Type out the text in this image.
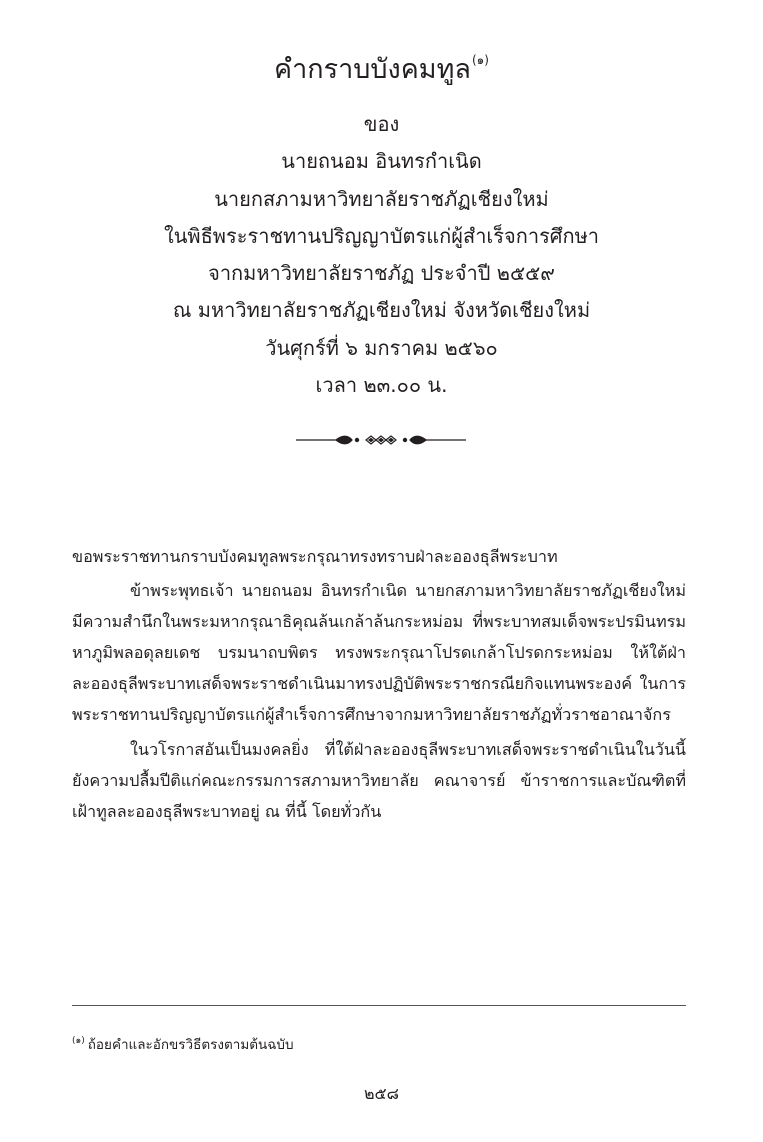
คำกราบบังคมทูล$^{(๑)}$
ของ
นายถนอม อินทรกำเนิด
นายกสภามหาวิทยาลัยราชภัฏเชียงใหม่
ในพิธีพระราชทานปริญญาบัตรแก่ผู้สำเร็จการศึกษา
จากมหาวิทยาลัยราชภัฏ ประจำปี ๒๕๕๙
ณ มหาวิทยาลัยราชภัฏเชียงใหม่ จังหวัดเชียงใหม่
วันศุกร์ที่ ๖ มกราคม ๒๕๖๐
เวลา ๒๓.๐๐ น.

ขอพระราชทานกราบบังคมทูลพระกรุณาทรงทราบฝ่าละอองธุลีพระบาท

ข้าพระพุทธเจ้า นายถนอม อินทรกำเนิด นายกสภามหาวิทยาลัยราชภัฏเชียงใหม่ มีความสำนึกในพระมหากรุณาธิคุณล้นเกล้าล้นกระหม่อม ที่พระบาทสมเด็จพระปรมินทรมหาภูมิพลอดุลยเดช บรมนาถบพิตร ทรงพระกรุณาโปรดเกล้าโปรดกระหม่อม ให้ใต้ฝ่าละอองธุลีพระบาทเสด็จพระราชดำเนินมาทรงปฏิบัติพระราชกรณียกิจแทนพระองค์ ในการพระราชทานปริญญาบัตรแก่ผู้สำเร็จการศึกษาจากมหาวิทยาลัยราชภัฏทั่วราชอาณาจักร

ในวโรกาสอันเป็นมงคลยิ่ง ที่ใต้ฝ่าละอองธุลีพระบาทเสด็จพระราชดำเนินในวันนี้ ยังความปลื้มปีติแก่คณะกรรมการสภามหาวิทยาลัย คณาจารย์ ข้าราชการและบัณฑิตที่เฝ้าทูลละอองธุลีพระบาทอยู่ ณ ที่นี้ โดยทั่วกัน

$^{(๑)}$ ถ้อยคำและอักขรวิธีตรงตามต้นฉบับ
๒๕๘
